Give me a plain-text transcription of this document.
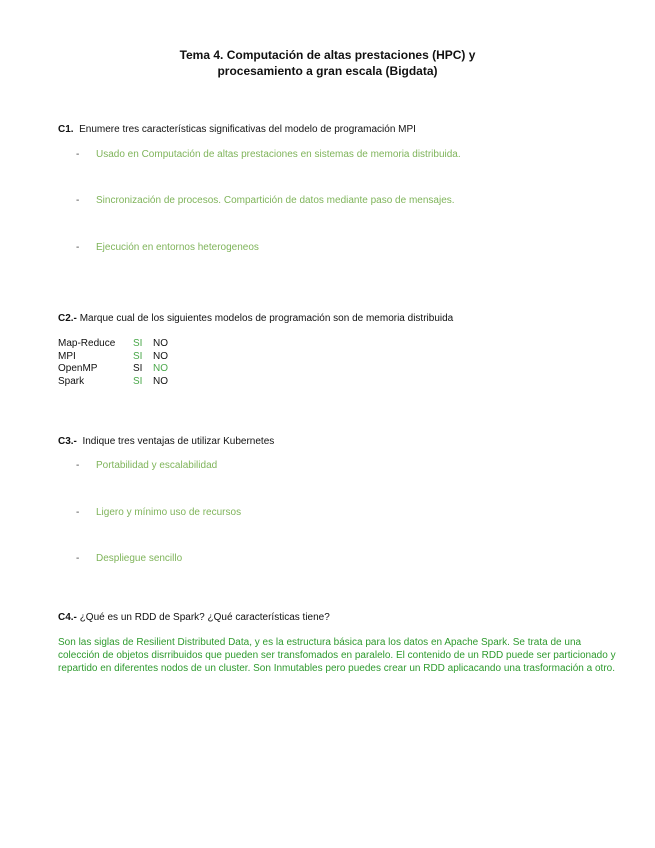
Tema 4. Computación de altas prestaciones (HPC) y
procesamiento a gran escala (Bigdata)
C1. Enumere tres características significativas del modelo de programación MPI
- Usado en Computación de altas prestaciones en sistemas de memoria distribuida.
- Sincronización de procesos. Compartición de datos mediante paso de mensajes.
- Ejecución en entornos heterogeneos
C2.- Marque cual de los siguientes modelos de programación son de memoria distribuida
Map-Reduce	SI	NO
MPI	SI	NO
OpenMP	SI	NO
Spark	SI	NO
C3.- Indique tres ventajas de utilizar Kubernetes
- Portabilidad y escalabilidad
- Ligero y mínimo uso de recursos
- Despliegue sencillo
C4.- ¿Qué es un RDD de Spark? ¿Qué características tiene?
Son las siglas de Resilient Distributed Data, y es la estructura básica para los datos en Apache Spark. Se trata de una colección de objetos disrribuidos que pueden ser transfomados en paralelo. El contenido de un RDD puede ser particionado y repartido en diferentes nodos de un cluster. Son Inmutables pero puedes crear un RDD aplicacando una trasformación a otro.
